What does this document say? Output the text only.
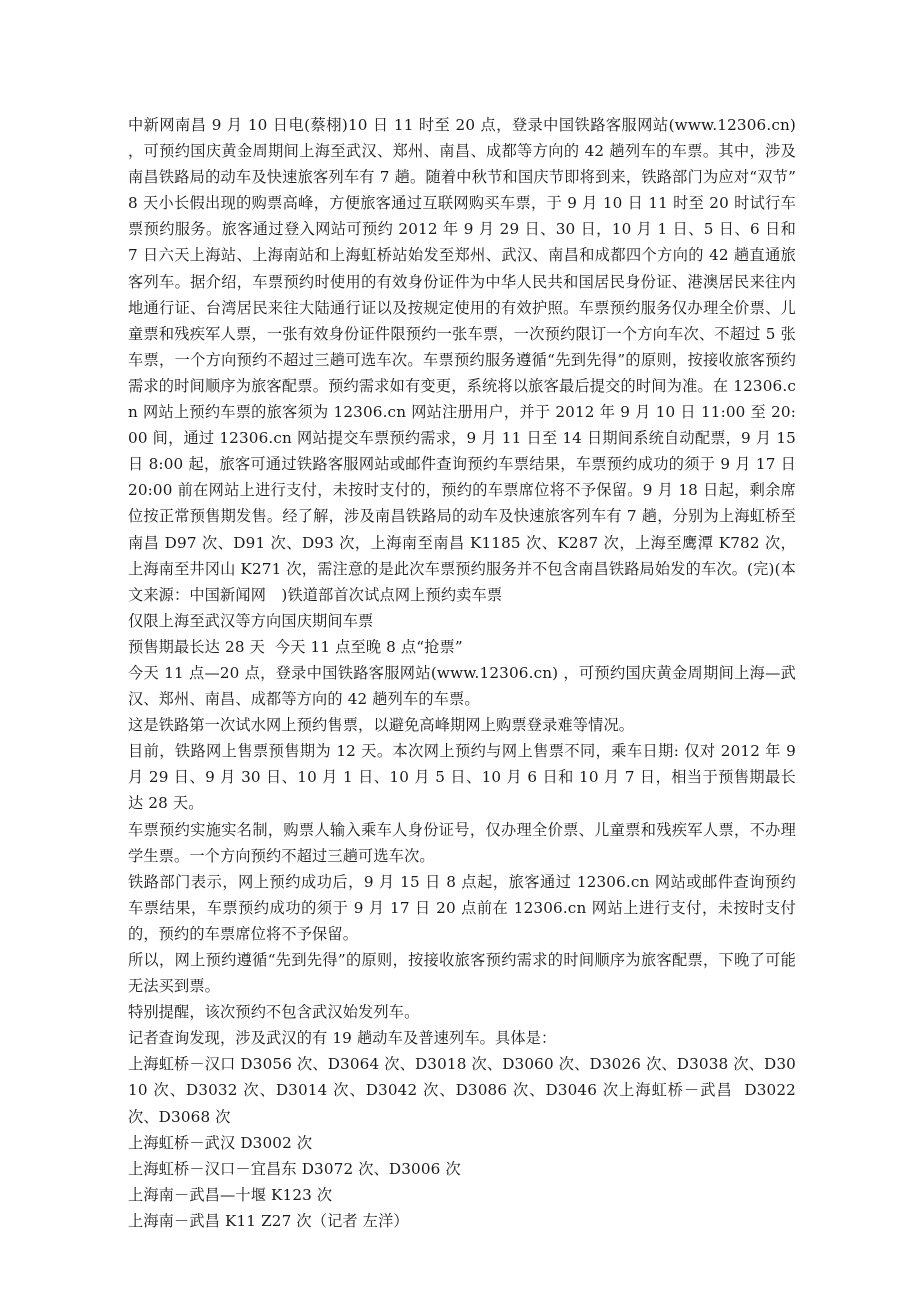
中新网南昌 9 月 10 日电(蔡栩)10 日 11 时至 20 点，登录中国铁路客服网站(www.12306.cn) ，可预约国庆黄金周期间上海至武汉、郑州、南昌、成都等方向的 42 趟列车的车票。其中，涉及南昌铁路局的动车及快速旅客列车有 7 趟。随着中秋节和国庆节即将到来，铁路部门为应对“双节”8 天小长假出现的购票高峰，方便旅客通过互联网购买车票，于 9 月 10 日 11 时至 20 时试行车票预约服务。旅客通过登入网站可预约 2012 年 9 月 29 日、30 日，10 月 1 日、5 日、6 日和 7 日六天上海站、上海南站和上海虹桥站始发至郑州、武汉、南昌和成都四个方向的 42 趟直通旅客列车。据介绍，车票预约时使用的有效身份证件为中华人民共和国居民身份证、港澳居民来往内地通行证、台湾居民来往大陆通行证以及按规定使用的有效护照。车票预约服务仅办理全价票、儿童票和残疾军人票，一张有效身份证件限预约一张车票，一次预约限订一个方向车次、不超过 5 张车票，一个方向预约不超过三趟可选车次。车票预约服务遵循“先到先得”的原则，按接收旅客预约需求的时间顺序为旅客配票。预约需求如有变更，系统将以旅客最后提交的时间为准。在 12306.cn 网站上预约车票的旅客须为 12306.cn 网站注册用户，并于 2012 年 9 月 10 日 11:00 至 20:00 间，通过 12306.cn 网站提交车票预约需求，9 月 11 日至 14 日期间系统自动配票，9 月 15 日 8:00 起，旅客可通过铁路客服网站或邮件查询预约车票结果，车票预约成功的须于 9 月 17 日 20:00 前在网站上进行支付，未按时支付的，预约的车票席位将不予保留。9 月 18 日起，剩余席位按正常预售期发售。经了解，涉及南昌铁路局的动车及快速旅客列车有 7 趟，分别为上海虹桥至南昌 D97 次、D91 次、D93 次，上海南至南昌 K1185 次、K287 次，上海至鹰潭 K782 次，上海南至井冈山 K271 次，需注意的是此次车票预约服务并不包含南昌铁路局始发的车次。(完)(本文来源：中国新闻网　)铁道部首次试点网上预约卖车票

仅限上海至武汉等方向国庆期间车票

预售期最长达 28 天  今天 11 点至晚 8 点“抢票”

今天 11 点—20 点，登录中国铁路客服网站(www.12306.cn) ，可预约国庆黄金周期间上海—武汉、郑州、南昌、成都等方向的 42 趟列车的车票。

这是铁路第一次试水网上预约售票，以避免高峰期网上购票登录难等情况。

目前，铁路网上售票预售期为 12 天。本次网上预约与网上售票不同，乘车日期: 仅对 2012 年 9 月 29 日、9 月 30 日、10 月 1 日、10 月 5 日、10 月 6 日和 10 月 7 日，相当于预售期最长达 28 天。

车票预约实施实名制，购票人输入乘车人身份证号，仅办理全价票、儿童票和残疾军人票，不办理学生票。一个方向预约不超过三趟可选车次。

铁路部门表示，网上预约成功后，9 月 15 日 8 点起，旅客通过 12306.cn 网站或邮件查询预约车票结果，车票预约成功的须于 9 月 17 日 20 点前在 12306.cn 网站上进行支付，未按时支付的，预约的车票席位将不予保留。

所以，网上预约遵循“先到先得”的原则，按接收旅客预约需求的时间顺序为旅客配票，下晚了可能无法买到票。

特别提醒，该次预约不包含武汉始发列车。

记者查询发现，涉及武汉的有 19 趟动车及普速列车。具体是：

上海虹桥－汉口 D3056 次、D3064 次、D3018 次、D3060 次、D3026 次、D3038 次、D3010 次、D3032 次、D3014 次、D3042 次、D3086 次、D3046 次上海虹桥－武昌  D3022 次、D3068 次

上海虹桥－武汉 D3002 次

上海虹桥－汉口－宜昌东 D3072 次、D3006 次

上海南－武昌—十堰 K123 次

上海南－武昌 K11 Z27 次（记者 左洋）
